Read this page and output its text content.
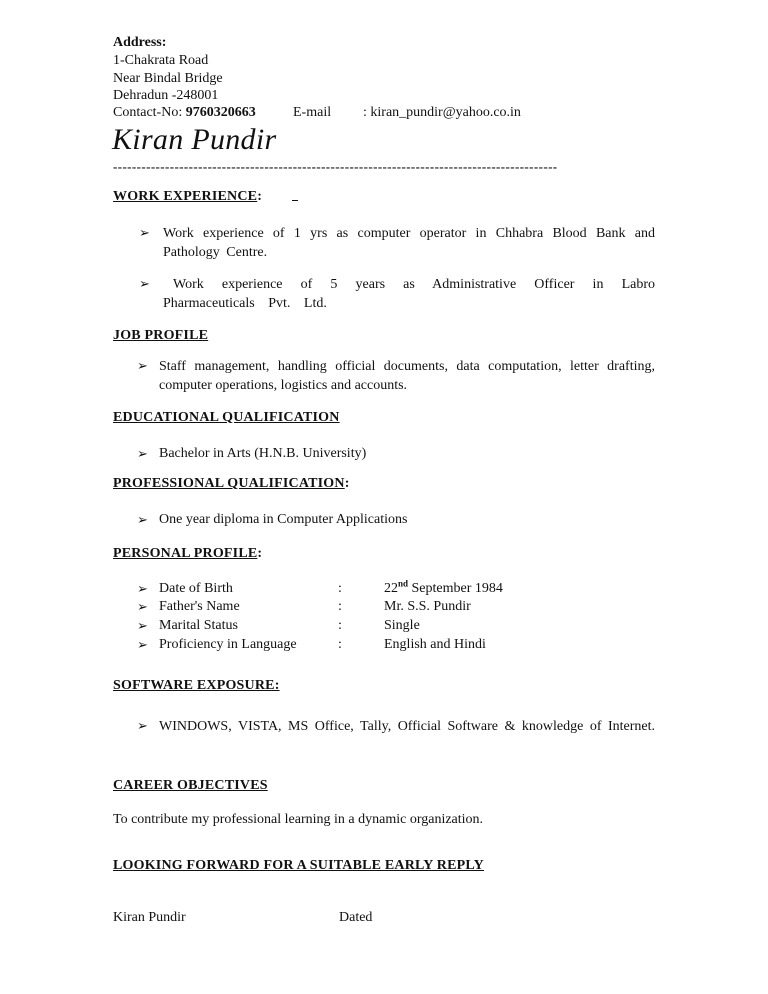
Address:
1-Chakrata Road
Near Bindal Bridge
Dehradun -248001
Contact-No: 9760320663	E-mail : kiran_pundir@yahoo.co.in
Kiran Pundir
----------------------------------------------------------------------------------------------
WORK EXPERIENCE:
➢ Work experience of 1 yrs as computer operator in Chhabra Blood Bank and Pathology Centre.
➢	Work experience of 5 years as Administrative Officer in Labro Pharmaceuticals Pvt. Ltd.
JOB PROFILE
➢ Staff management, handling official documents, data computation, letter drafting, computer operations, logistics and accounts.
EDUCATIONAL QUALIFICATION
➢ Bachelor in Arts (H.N.B. University)
PROFESSIONAL QUALIFICATION:
➢ One year diploma in Computer Applications
PERSONAL PROFILE:
➢ Date of Birth	:	22nd September 1984
➢ Father's Name	:	Mr. S.S. Pundir
➢ Marital Status	:	Single
➢ Proficiency in Language	:	English and Hindi
SOFTWARE EXPOSURE:
➢ WINDOWS, VISTA, MS Office, Tally, Official Software & knowledge of Internet.
CAREER OBJECTIVES
To contribute my professional learning in a dynamic organization.
LOOKING FORWARD FOR A SUITABLE EARLY REPLY
Kiran Pundir	Dated
